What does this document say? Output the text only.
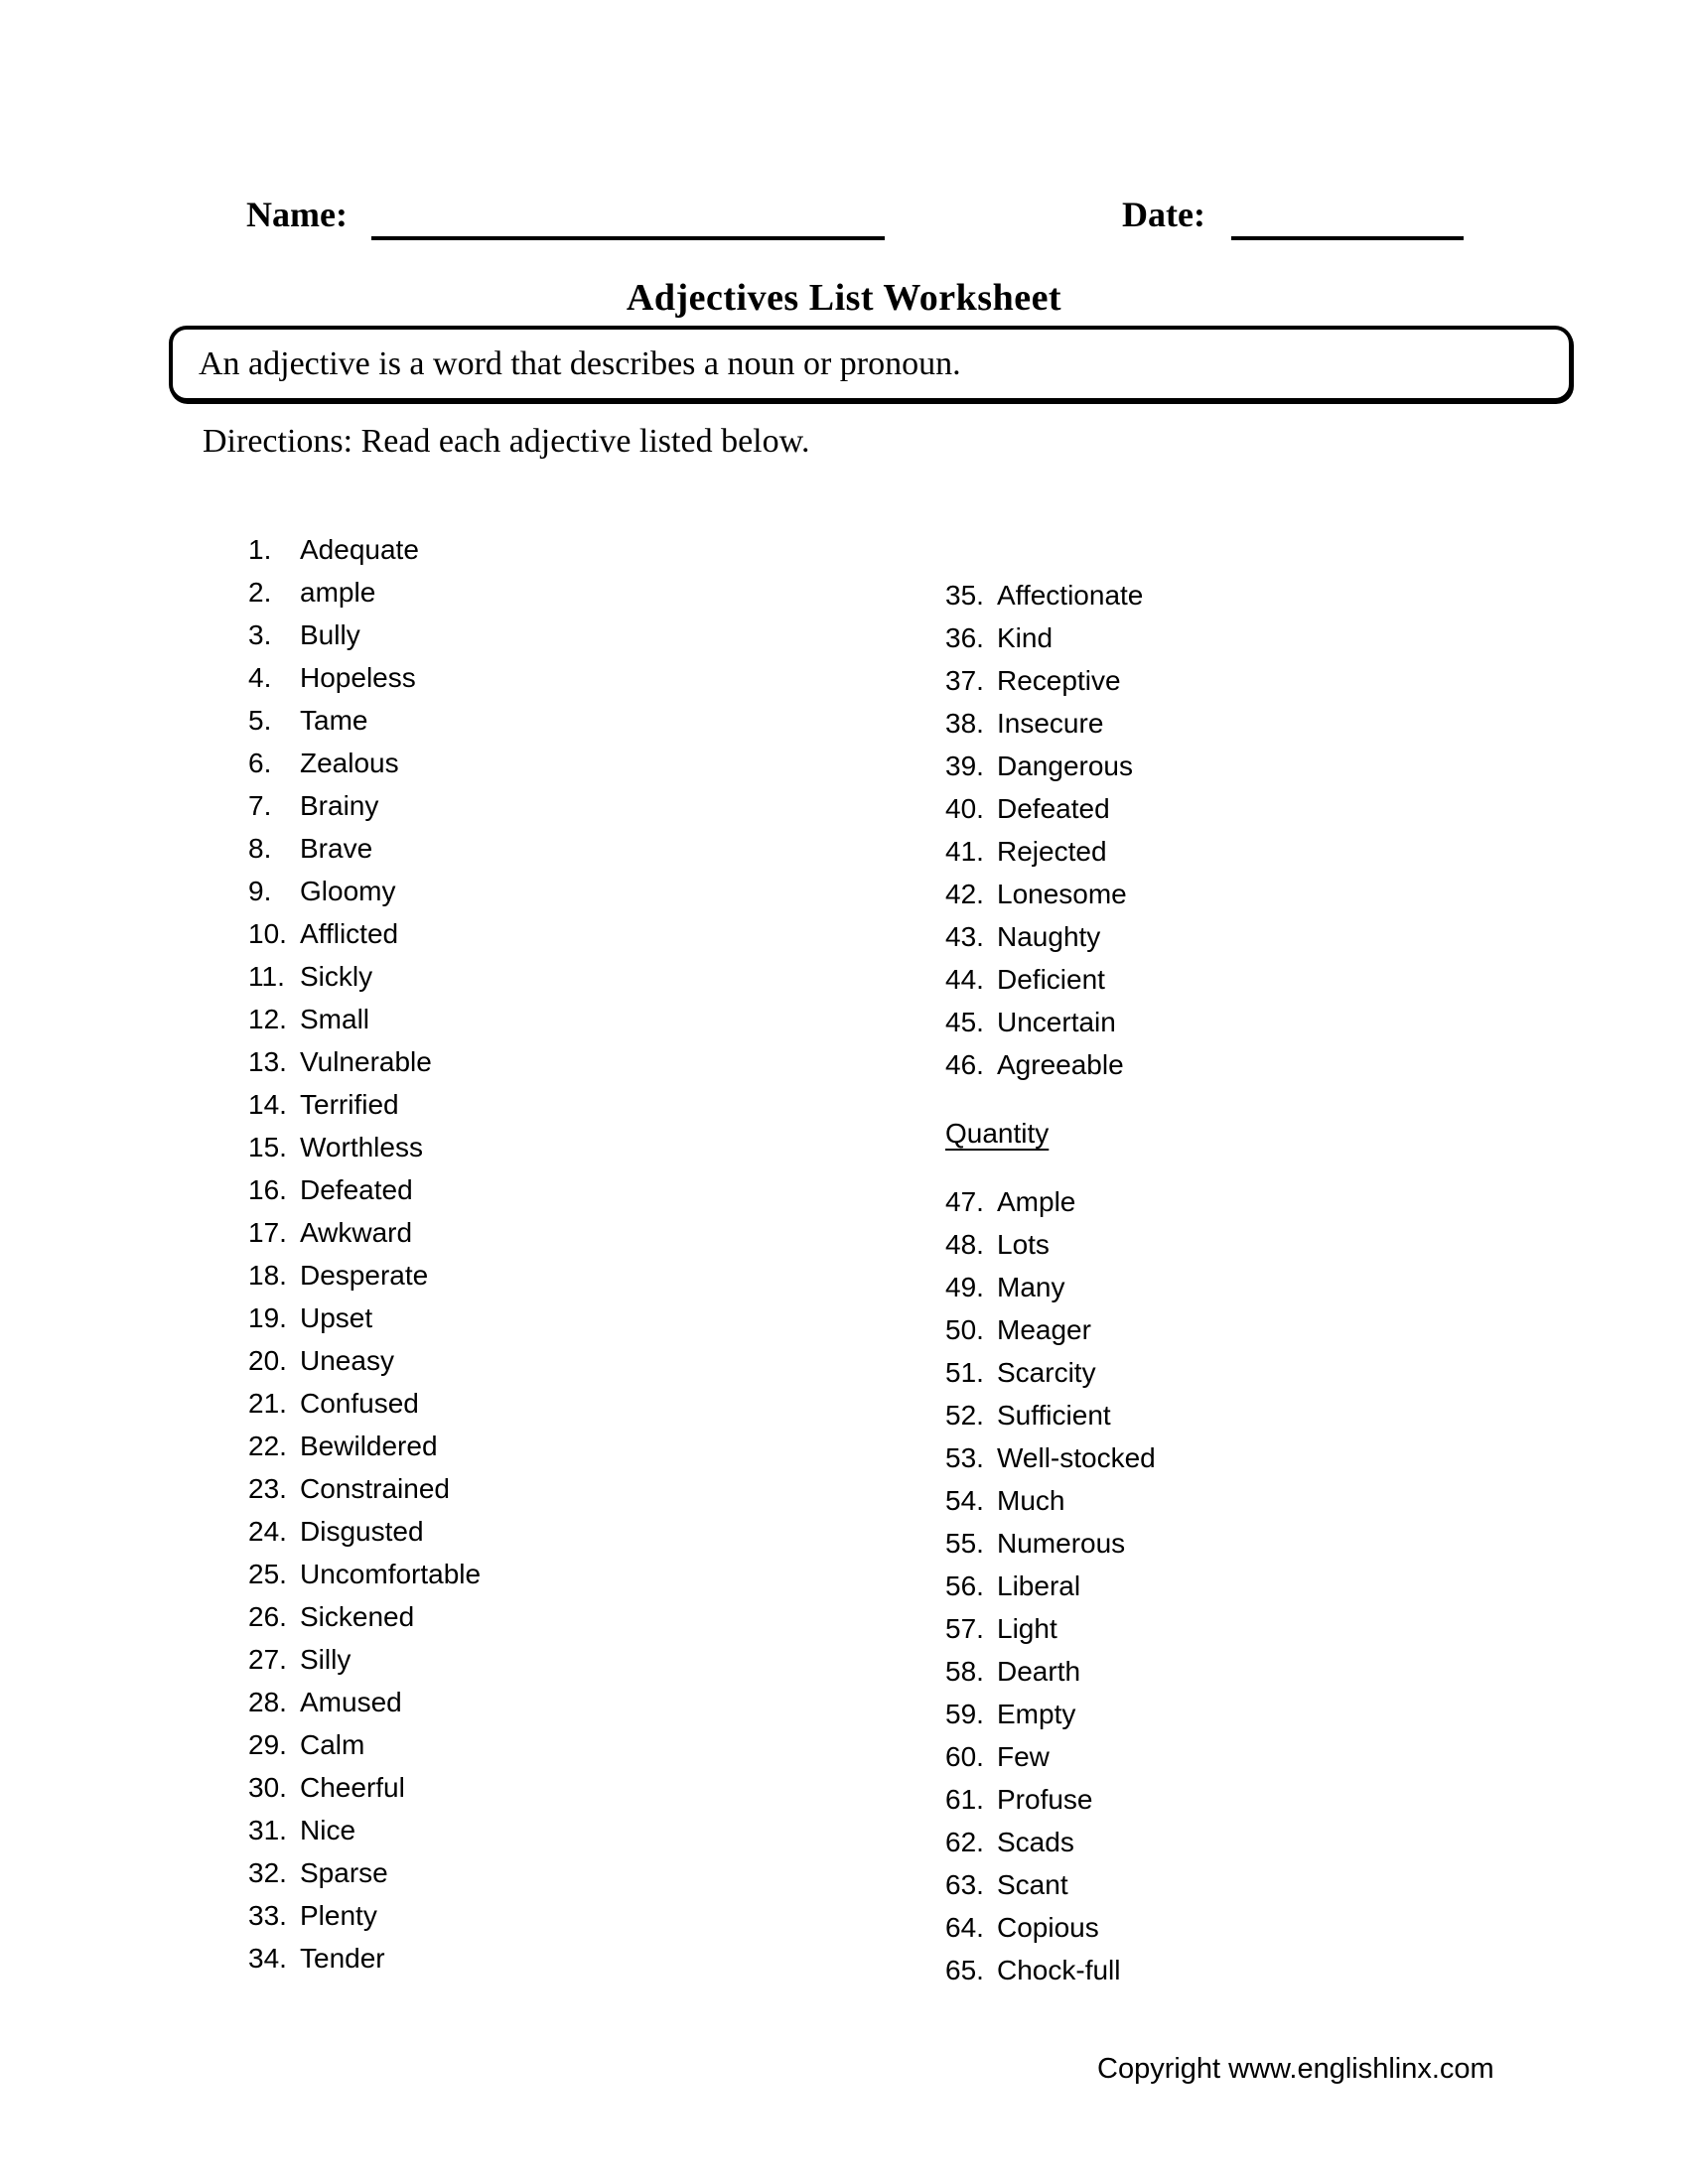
Name:	Date:
Adjectives List Worksheet
An adjective is a word that describes a noun or pronoun.
Directions: Read each adjective listed below.
1.	Adequate
2.	ample
3.	Bully
4.	Hopeless
5.	Tame
6.	Zealous
7.	Brainy
8.	Brave
9.	Gloomy
10. Afflicted
11. Sickly
12. Small
13. Vulnerable
14. Terrified
15. Worthless
16. Defeated
17. Awkward
18. Desperate
19. Upset
20. Uneasy
21. Confused
22. Bewildered
23. Constrained
24. Disgusted
25. Uncomfortable
26. Sickened
27. Silly
28. Amused
29. Calm
30. Cheerful
31. Nice
32. Sparse
33. Plenty
34. Tender
35. Affectionate
36. Kind
37. Receptive
38. Insecure
39. Dangerous
40. Defeated
41. Rejected
42. Lonesome
43. Naughty
44. Deficient
45. Uncertain
46. Agreeable
Quantity
47. Ample
48. Lots
49. Many
50. Meager
51. Scarcity
52. Sufficient
53. Well-stocked
54. Much
55. Numerous
56. Liberal
57. Light
58. Dearth
59. Empty
60. Few
61. Profuse
62. Scads
63. Scant
64. Copious
65. Chock-full
Copyright www.englishlinx.com
